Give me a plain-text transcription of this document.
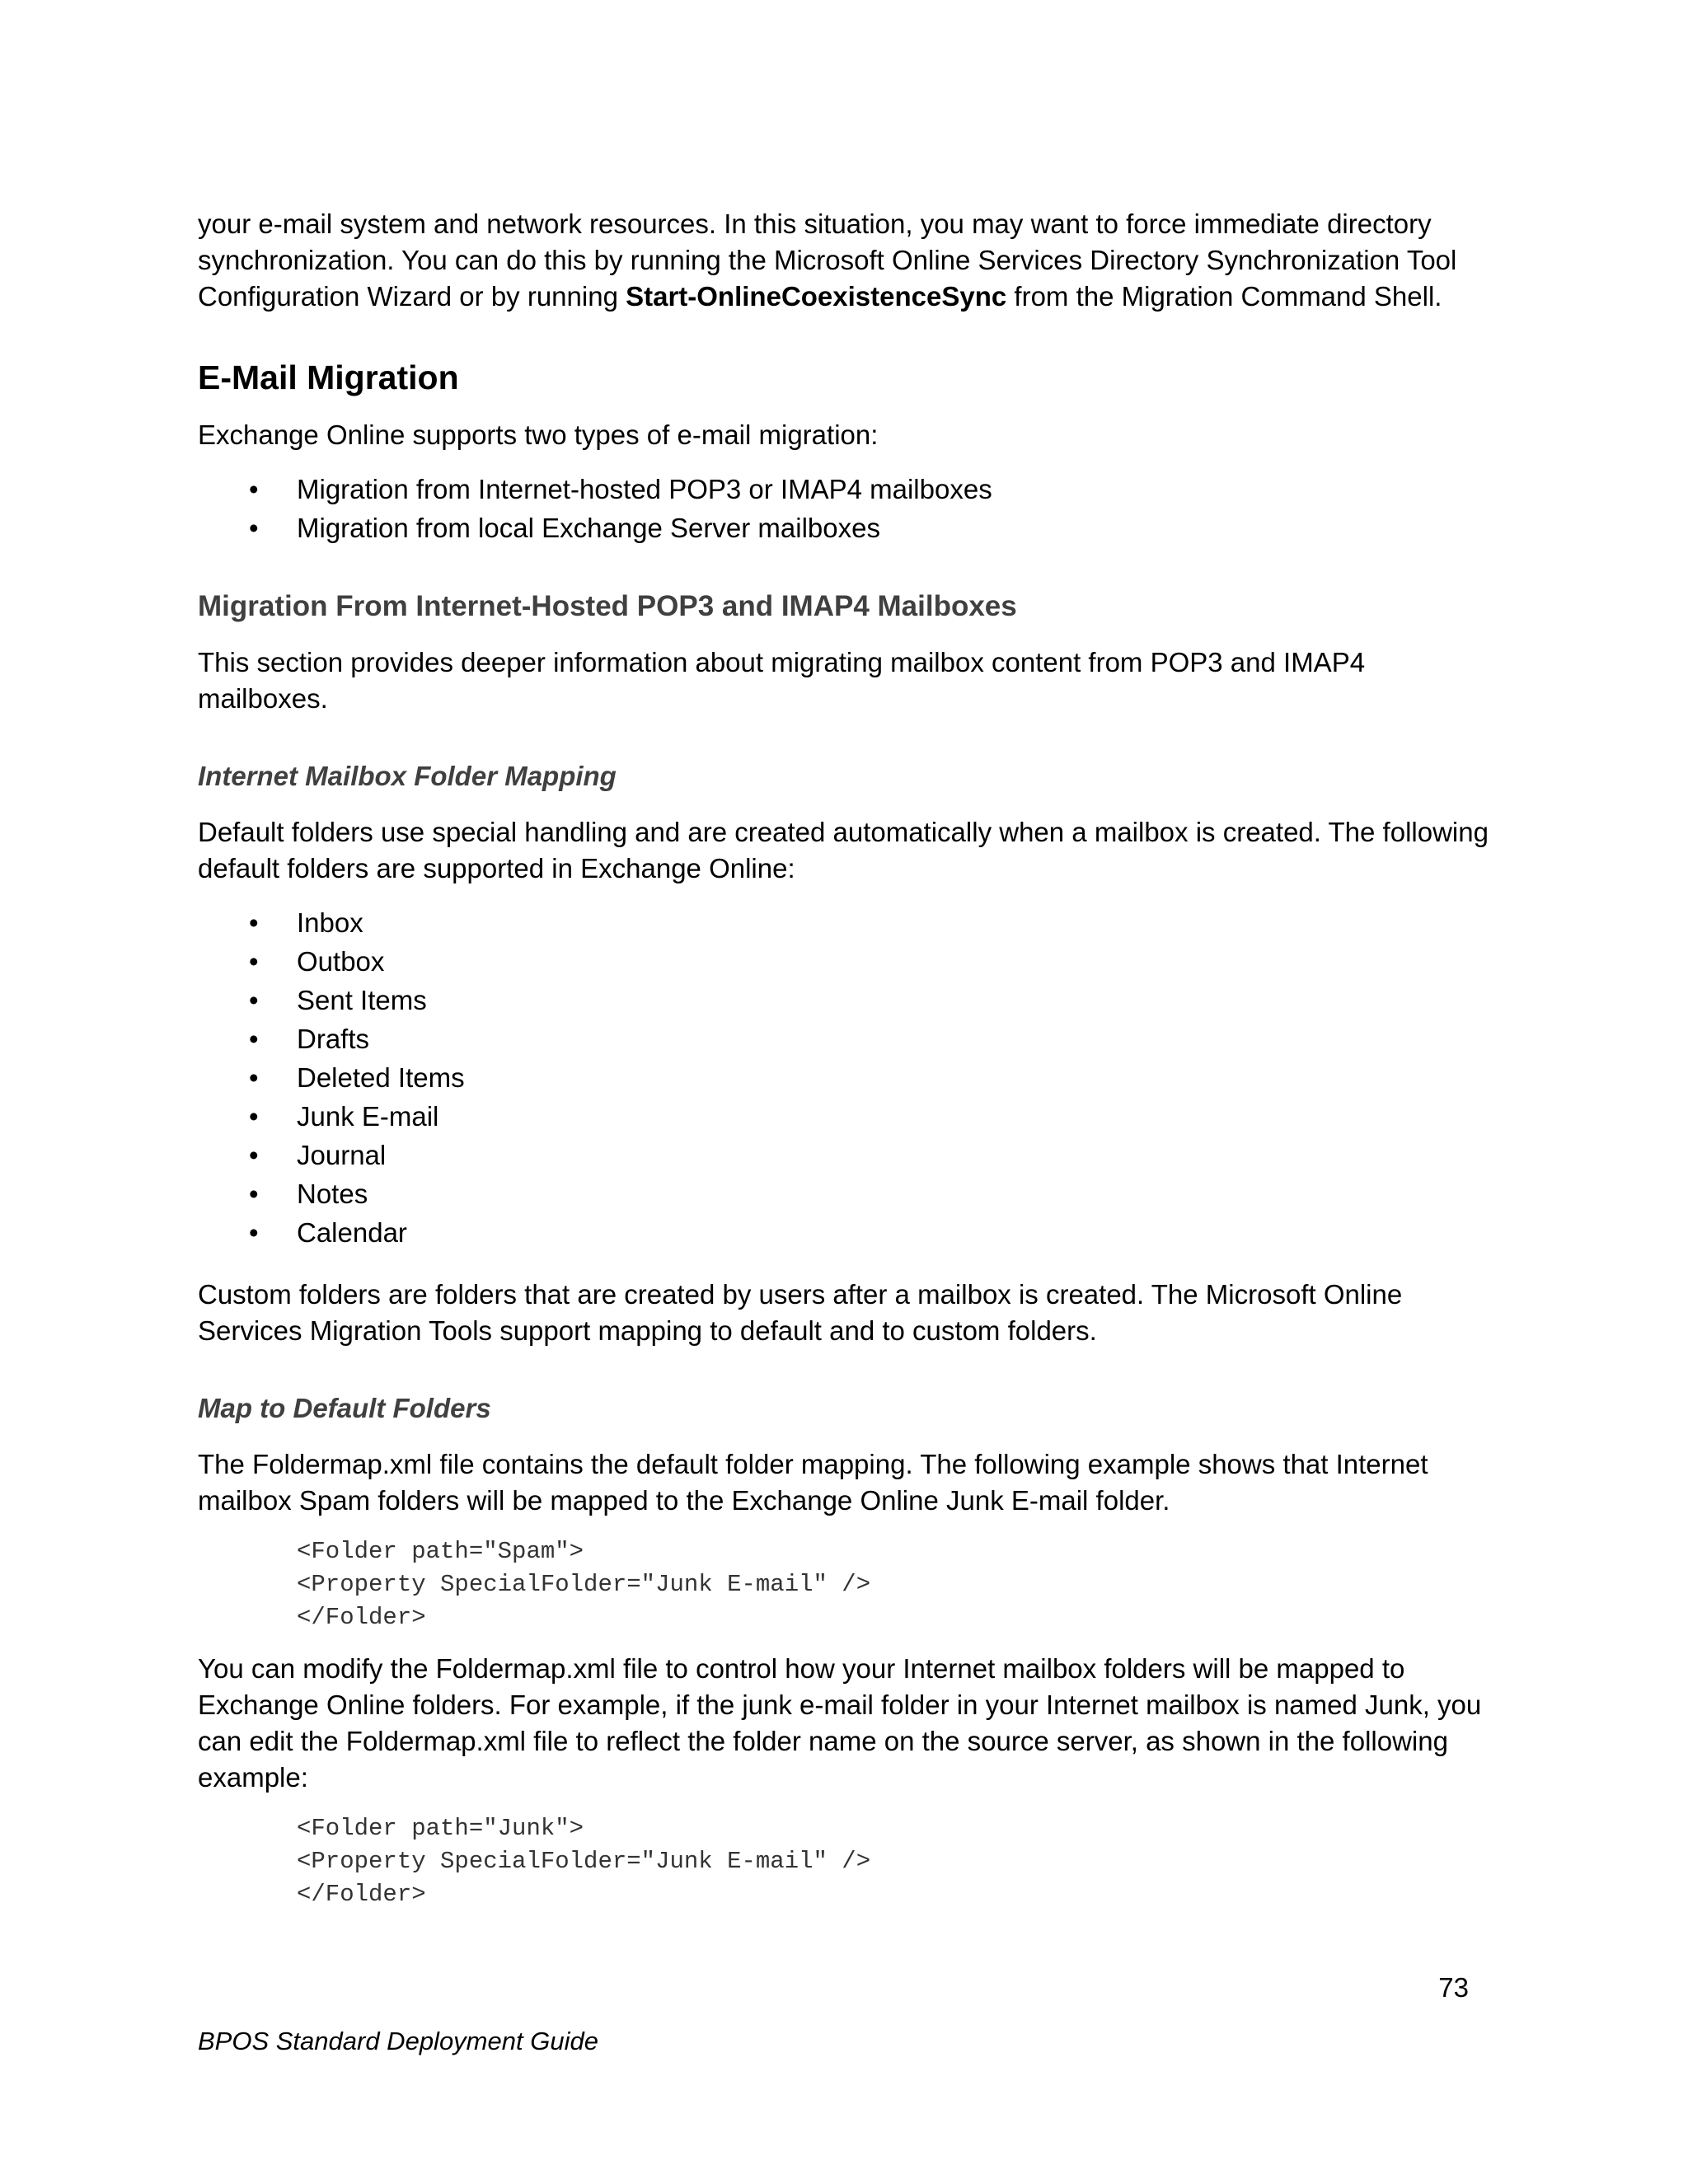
your e-mail system and network resources. In this situation, you may want to force immediate directory synchronization. You can do this by running the Microsoft Online Services Directory Synchronization Tool Configuration Wizard or by running Start-OnlineCoexistenceSync from the Migration Command Shell.

E-Mail Migration

Exchange Online supports two types of e-mail migration:

• Migration from Internet-hosted POP3 or IMAP4 mailboxes
• Migration from local Exchange Server mailboxes
Migration From Internet-Hosted POP3 and IMAP4 Mailboxes

This section provides deeper information about migrating mailbox content from POP3 and IMAP4 mailboxes.

Internet Mailbox Folder Mapping

Default folders use special handling and are created automatically when a mailbox is created. The following default folders are supported in Exchange Online:

• Inbox
• Outbox
• Sent Items
• Drafts
• Deleted Items
• Junk E-mail
• Journal
• Notes
• Calendar

Custom folders are folders that are created by users after a mailbox is created. The Microsoft Online Services Migration Tools support mapping to default and to custom folders.

Map to Default Folders

The Foldermap.xml file contains the default folder mapping. The following example shows that Internet mailbox Spam folders will be mapped to the Exchange Online Junk E-mail folder.

<Folder path="Spam">
<Property SpecialFolder="Junk E-mail" />
</Folder>

You can modify the Foldermap.xml file to control how your Internet mailbox folders will be mapped to Exchange Online folders. For example, if the junk e-mail folder in your Internet mailbox is named Junk, you can edit the Foldermap.xml file to reflect the folder name on the source server, as shown in the following example:

<Folder path="Junk">
<Property SpecialFolder="Junk E-mail" />
</Folder>
73
BPOS Standard Deployment Guide
